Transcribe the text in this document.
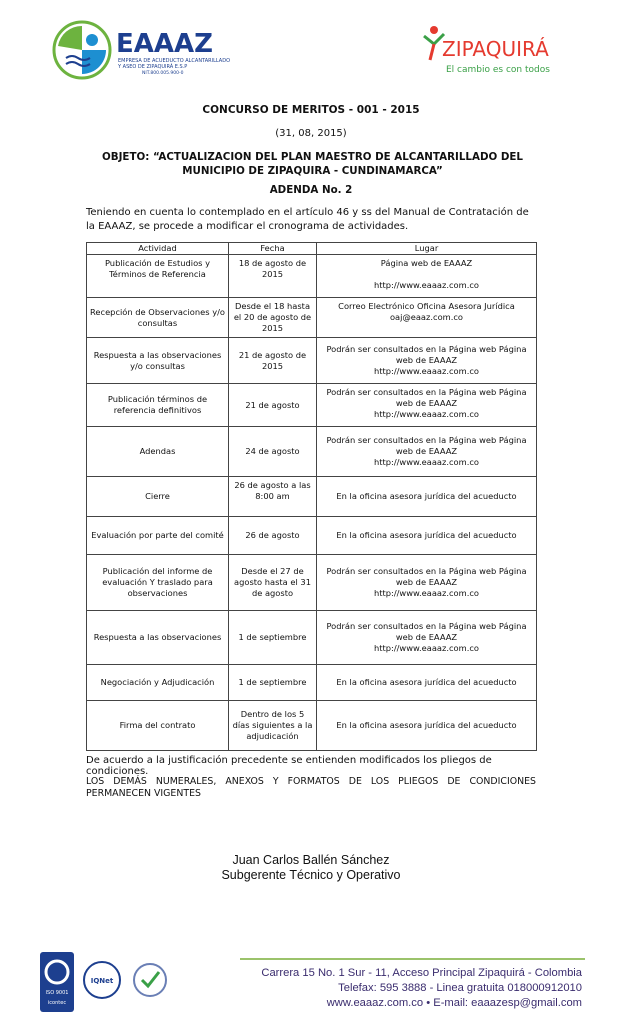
EAAAZ
EMPRESA DE ACUEDUCTO ALCANTARILLADO
Y ASEO DE ZIPAQUIRÁ E.S.P
NIT.800.005.900-0
ZIPAQUIRÁ
El cambio es con todos
CONCURSO DE MERITOS - 001 - 2015
(31, 08, 2015)
OBJETO: “ACTUALIZACION DEL PLAN MAESTRO DE ALCANTARILLADO DEL MUNICIPIO DE ZIPAQUIRA - CUNDINAMARCA”
ADENDA No. 2
Teniendo en cuenta lo contemplado en el artículo 46 y ss del Manual de Contratación de la EAAAZ, se procede a modificar el cronograma de actividades.
Actividad	Fecha	Lugar
Publicación de Estudios y Términos de Referencia	18 de agosto de 2015	Página web de EAAAZ
http://www.eaaaz.com.co

Recepción de Observaciones y/o consultas	Desde el 18 hasta el 20 de agosto de 2015	Correo Electrónico Oficina Asesora Jurídica oaj@eaaz.com.co

Respuesta a las observaciones y/o consultas	21 de agosto de 2015	Podrán ser consultados en la Página web Página web de EAAAZ
http://www.eaaaz.com.co

Publicación términos de referencia definitivos	21 de agosto	Podrán ser consultados en la Página web Página web de EAAAZ
http://www.eaaaz.com.co

Adendas	24 de agosto	Podrán ser consultados en la Página web Página web de EAAAZ
http://www.eaaaz.com.co

Cierre	26 de agosto a las 8:00 am	En la oficina asesora jurídica del acueducto

Evaluación por parte del comité	26 de agosto	En la oficina asesora jurídica del acueducto

Publicación del informe de evaluación Y traslado para observaciones	Desde el 27 de agosto hasta el 31 de agosto	Podrán ser consultados en la Página web Página web de EAAAZ
http://www.eaaaz.com.co

Respuesta a las observaciones	1 de septiembre	Podrán ser consultados en la Página web Página web de EAAAZ
http://www.eaaaz.com.co

Negociación y Adjudicación	1 de septiembre	En la oficina asesora jurídica del acueducto

Firma del contrato	Dentro de los 5 días siguientes a la adjudicación	En la oficina asesora jurídica del acueducto
De acuerdo a la justificación precedente se entienden modificados los pliegos de condiciones.
LOS DEMÁS NUMERALES, ANEXOS Y FORMATOS DE LOS PLIEGOS DE CONDICIONES PERMANECEN VIGENTES
Juan Carlos Ballén Sánchez
Subgerente Técnico y Operativo
ISO 9001
icontec
IQNet
Carrera 15 No. 1 Sur - 11, Acceso Principal Zipaquirá - Colombia
Telefax: 595 3888 - Linea gratuita 018000912010
www.eaaaz.com.co • E-mail: eaaazesp@gmail.com
